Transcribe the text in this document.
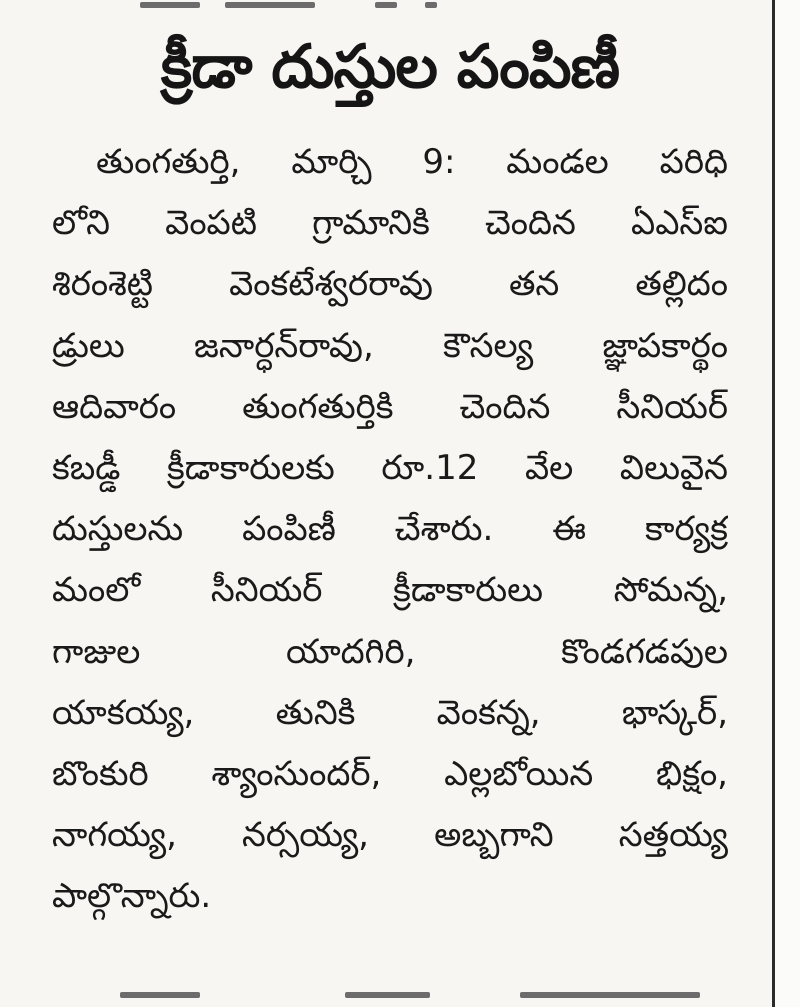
క్రీడా దుస్తుల పంపిణీ
తుంగతుర్తి, మార్చి 9: మండల పరిధి
లోని వెంపటి గ్రామానికి చెందిన ఏఎస్ఐ
శిరంశెట్టి వెంకటేశ్వరరావు తన తల్లిదం
డ్రులు జనార్ధన్‌రావు, కౌసల్య జ్ఞాపకార్థం
ఆదివారం తుంగతుర్తికి చెందిన సీనియర్
కబడ్డీ క్రీడాకారులకు రూ.12 వేల విలువైన
దుస్తులను పంపిణీ చేశారు. ఈ కార్యక్ర
మంలో సీనియర్ క్రీడాకారులు సోమన్న,
గాజుల యాదగిరి, కొండగడపుల
యాకయ్య, తునికి వెంకన్న, భాస్కర్,
బొంకురి శ్యాంసుందర్, ఎల్లబోయిన భిక్షం,
నాగయ్య, నర్సయ్య, అబ్బగాని సత్తయ్య
పాల్గొన్నారు.
